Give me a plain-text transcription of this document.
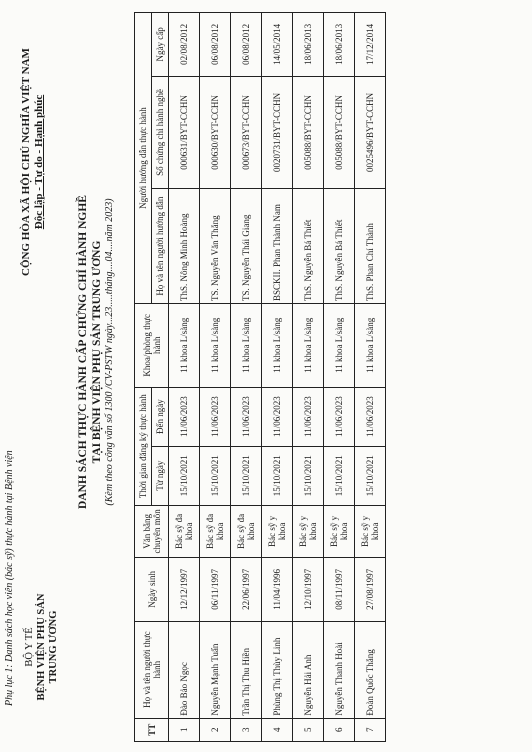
Phụ lục 1: Danh sách học viên (bác sỹ) thực hành tại Bệnh viện BỘ Y TẾ BỆNH VIỆN PHỤ SẢN TRUNG ƯƠNG
CỘNG HÒA XÃ HỘI CHỦ NGHĨA VIỆT NAM Độc lập - Tự do - Hạnh phúc
DANH SÁCH THỰC HÀNH CẤP CHỨNG CHỈ HÀNH NGHỀ TẠI BỆNH VIỆN PHỤ SẢN TRUNG ƯƠNG (Kèm theo công văn số 1300 /CV-PSTW ngày...23.....tháng....04....năm 2023)
TT	Họ và tên người thực hành	Ngày sinh	Văn bằng chuyên môn	Thời gian đăng ký thực hành		Khoa/phòng thực hành	Người hướng dẫn thực hành		
				Từ ngày	Đến ngày		Họ và tên người hướng dẫn	Số chứng chỉ hành nghề	Ngày cấp
1	Đào Bảo Ngọc	12/12/1997	Bác sỹ đa khoa	15/10/2021	11/06/2023	11 khoa L/sàng	ThS. Nông Minh Hoàng	000631/BYT-CCHN	02/08/2012
2	Nguyễn Mạnh Tuấn	06/11/1997	Bác sỹ đa khoa	15/10/2021	11/06/2023	11 khoa L/sàng	TS. Nguyễn Văn Thắng	000630/BYT-CCHN	06/08/2012
3	Trần Thị Thu Hiền	22/06/1997	Bác sỹ đa khoa	15/10/2021	11/06/2023	11 khoa L/sàng	TS. Nguyễn Thái Giang	000673/BYT-CCHN	06/08/2012
4	Phùng Thị Thùy Linh	11/04/1996	Bác sỹ y khoa	15/10/2021	11/06/2023	11 khoa L/sàng	BSCKII. Phan Thành Nam	0020731/BYT-CCHN	14/05/2014
5	Nguyễn Hải Anh	12/10/1997	Bác sỹ y khoa	15/10/2021	11/06/2023	11 khoa L/sàng	ThS. Nguyễn Bá Thiết	005088/BYT-CCHN	18/06/2013
6	Nguyễn Thanh Hoài	08/11/1997	Bác sỹ y khoa	15/10/2021	11/06/2023	11 khoa L/sàng	ThS. Nguyễn Bá Thiết	005088/BYT-CCHN	18/06/2013
7	Đoàn Quốc Thắng	27/08/1997	Bác sỹ y khoa	15/10/2021	11/06/2023	11 khoa L/sàng	ThS. Phan Chí Thành	0025496/BYT-CCHN	17/12/2014
